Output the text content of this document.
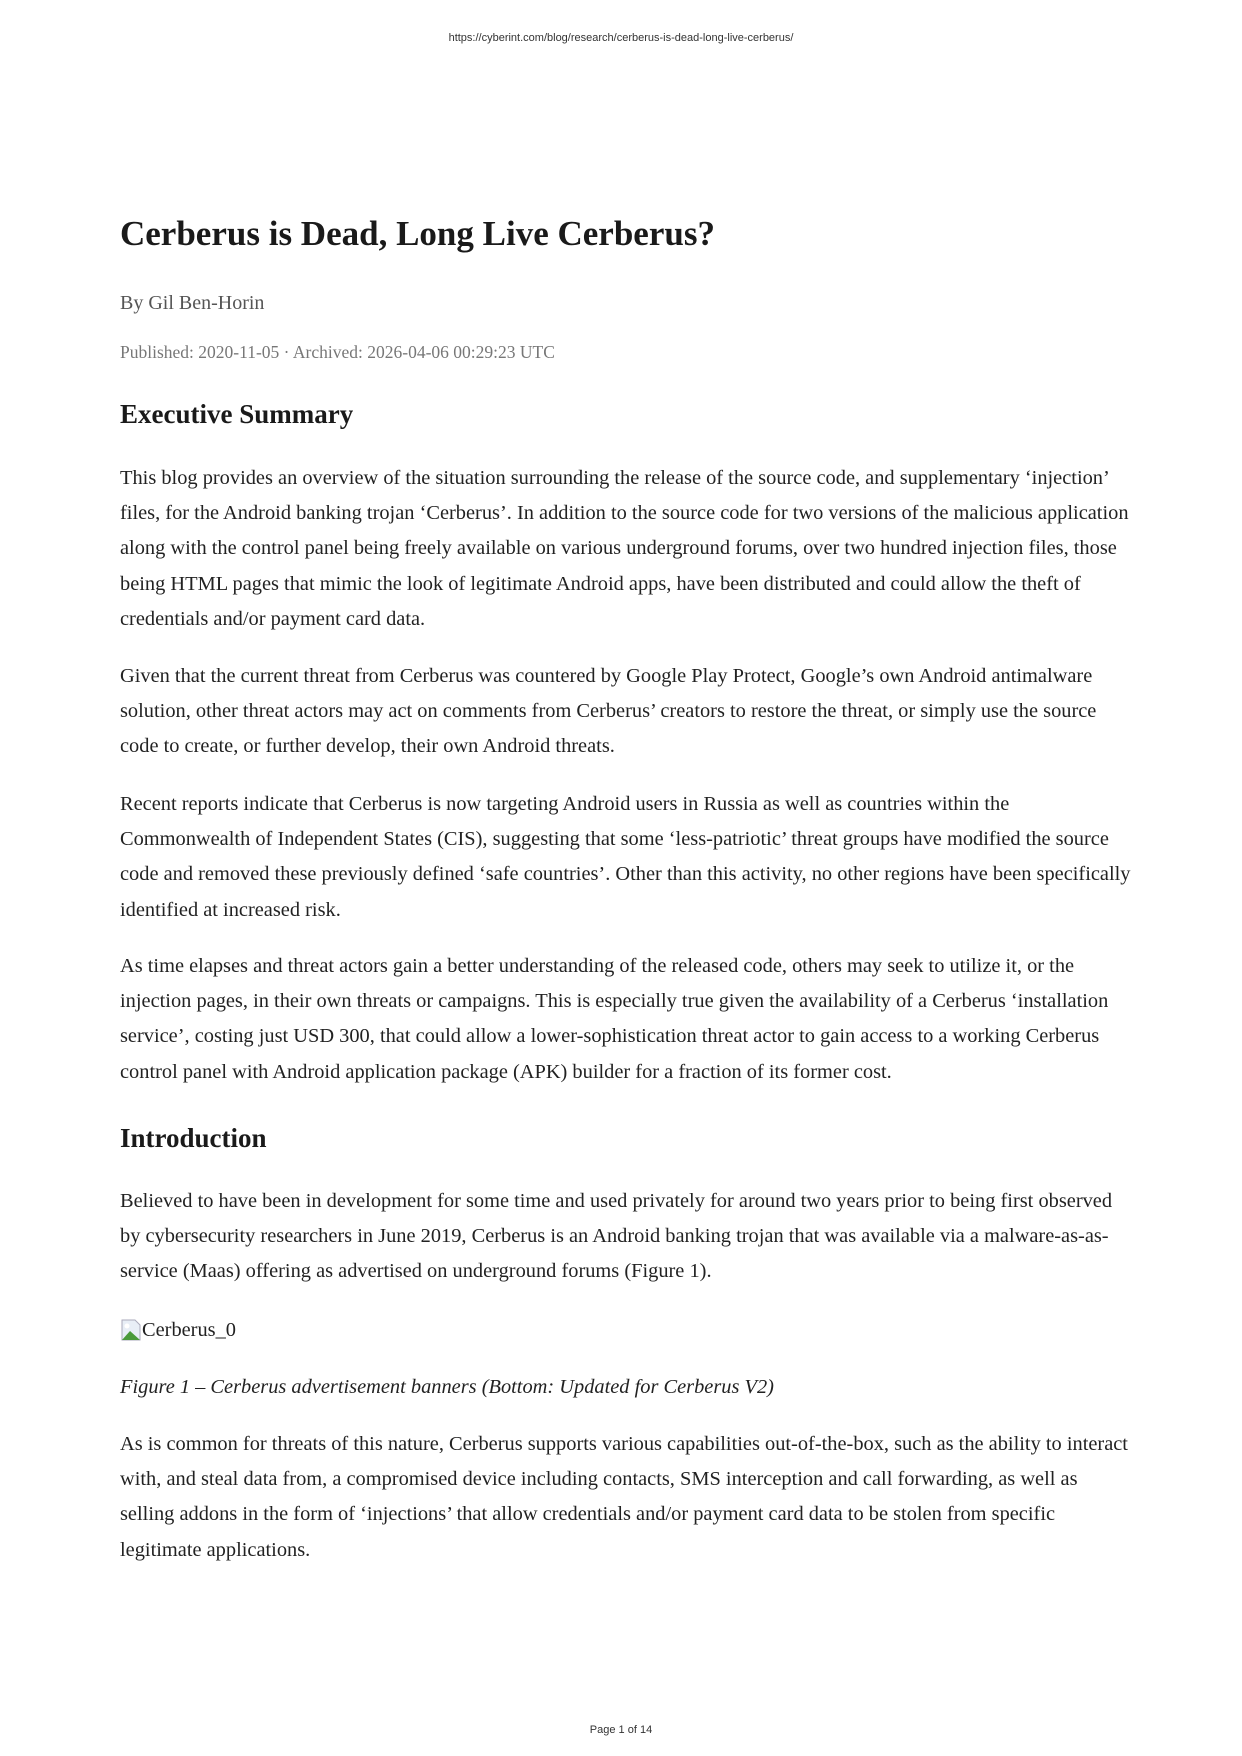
https://cyberint.com/blog/research/cerberus-is-dead-long-live-cerberus/
Cerberus is Dead, Long Live Cerberus?
By Gil Ben-Horin
Published: 2020-11-05 · Archived: 2026-04-06 00:29:23 UTC
Executive Summary

This blog provides an overview of the situation surrounding the release of the source code, and supplementary ‘injection’ files, for the Android banking trojan ‘Cerberus’. In addition to the source code for two versions of the malicious application along with the control panel being freely available on various underground forums, over two hundred injection files, those being HTML pages that mimic the look of legitimate Android apps, have been distributed and could allow the theft of credentials and/or payment card data.

Given that the current threat from Cerberus was countered by Google Play Protect, Google’s own Android antimalware solution, other threat actors may act on comments from Cerberus’ creators to restore the threat, or simply use the source code to create, or further develop, their own Android threats.

Recent reports indicate that Cerberus is now targeting Android users in Russia as well as countries within the Commonwealth of Independent States (CIS), suggesting that some ‘less-patriotic’ threat groups have modified the source code and removed these previously defined ‘safe countries’. Other than this activity, no other regions have been specifically identified at increased risk.

As time elapses and threat actors gain a better understanding of the released code, others may seek to utilize it, or the injection pages, in their own threats or campaigns. This is especially true given the availability of a Cerberus ‘installation service’, costing just USD 300, that could allow a lower-sophistication threat actor to gain access to a working Cerberus control panel with Android application package (APK) builder for a fraction of its former cost.

Introduction

Believed to have been in development for some time and used privately for around two years prior to being first observed by cybersecurity researchers in June 2019, Cerberus is an Android banking trojan that was available via a malware-as-as-service (Maas) offering as advertised on underground forums (Figure 1).

Cerberus_0
Figure 1 – Cerberus advertisement banners (Bottom: Updated for Cerberus V2)

As is common for threats of this nature, Cerberus supports various capabilities out-of-the-box, such as the ability to interact with, and steal data from, a compromised device including contacts, SMS interception and call forwarding, as well as selling addons in the form of ‘injections’ that allow credentials and/or payment card data to be stolen from specific legitimate applications.

Page 1 of 14
